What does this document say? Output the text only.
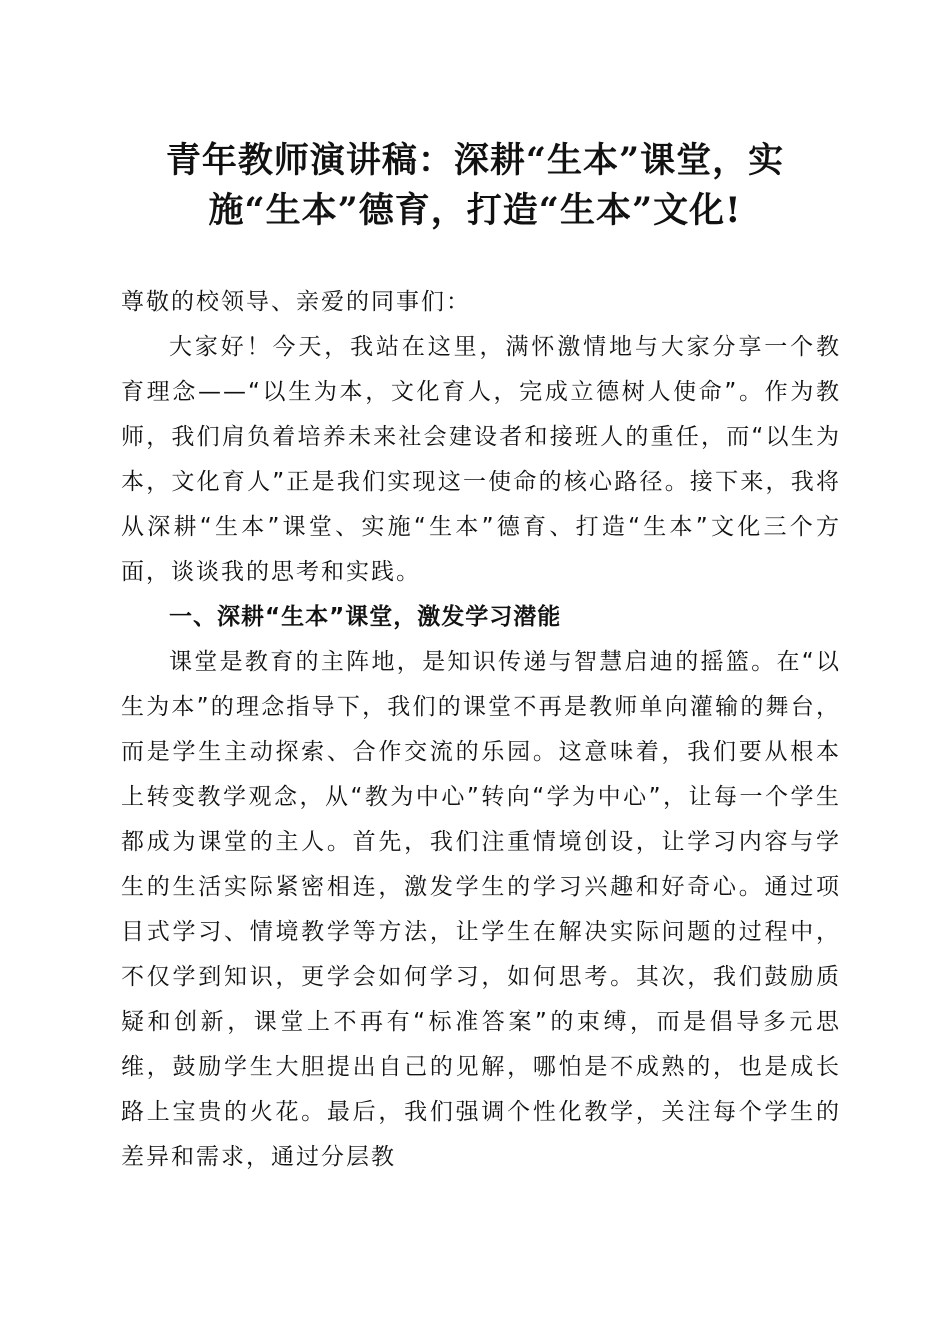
青年教师演讲稿：深耕“生本”课堂，实
施“生本”德育，打造“生本”文化!

尊敬的校领导、亲爱的同事们：

大家好！今天，我站在这里，满怀激情地与大家分享一个教育理念——“以生为本，文化育人，完成立德树人使命”。作为教师，我们肩负着培养未来社会建设者和接班人的重任，而“以生为本，文化育人”正是我们实现这一使命的核心路径。接下来，我将从深耕“生本”课堂、实施“生本”德育、打造“生本”文化三个方面，谈谈我的思考和实践。

一、深耕“生本”课堂，激发学习潜能

课堂是教育的主阵地，是知识传递与智慧启迪的摇篮。在“以生为本”的理念指导下，我们的课堂不再是教师单向灌输的舞台，而是学生主动探索、合作交流的乐园。这意味着，我们要从根本上转变教学观念，从“教为中心”转向“学为中心”，让每一个学生都成为课堂的主人。首先，我们注重情境创设，让学习内容与学生的生活实际紧密相连，激发学生的学习兴趣和好奇心。通过项目式学习、情境教学等方法，让学生在解决实际问题的过程中，不仅学到知识，更学会如何学习，如何思考。其次，我们鼓励质疑和创新，课堂上不再有“标准答案”的束缚，而是倡导多元思维，鼓励学生大胆提出自己的见解，哪怕是不成熟的，也是成长路上宝贵的火花。最后，我们强调个性化教学，关注每个学生的差异和需求，通过分层教
